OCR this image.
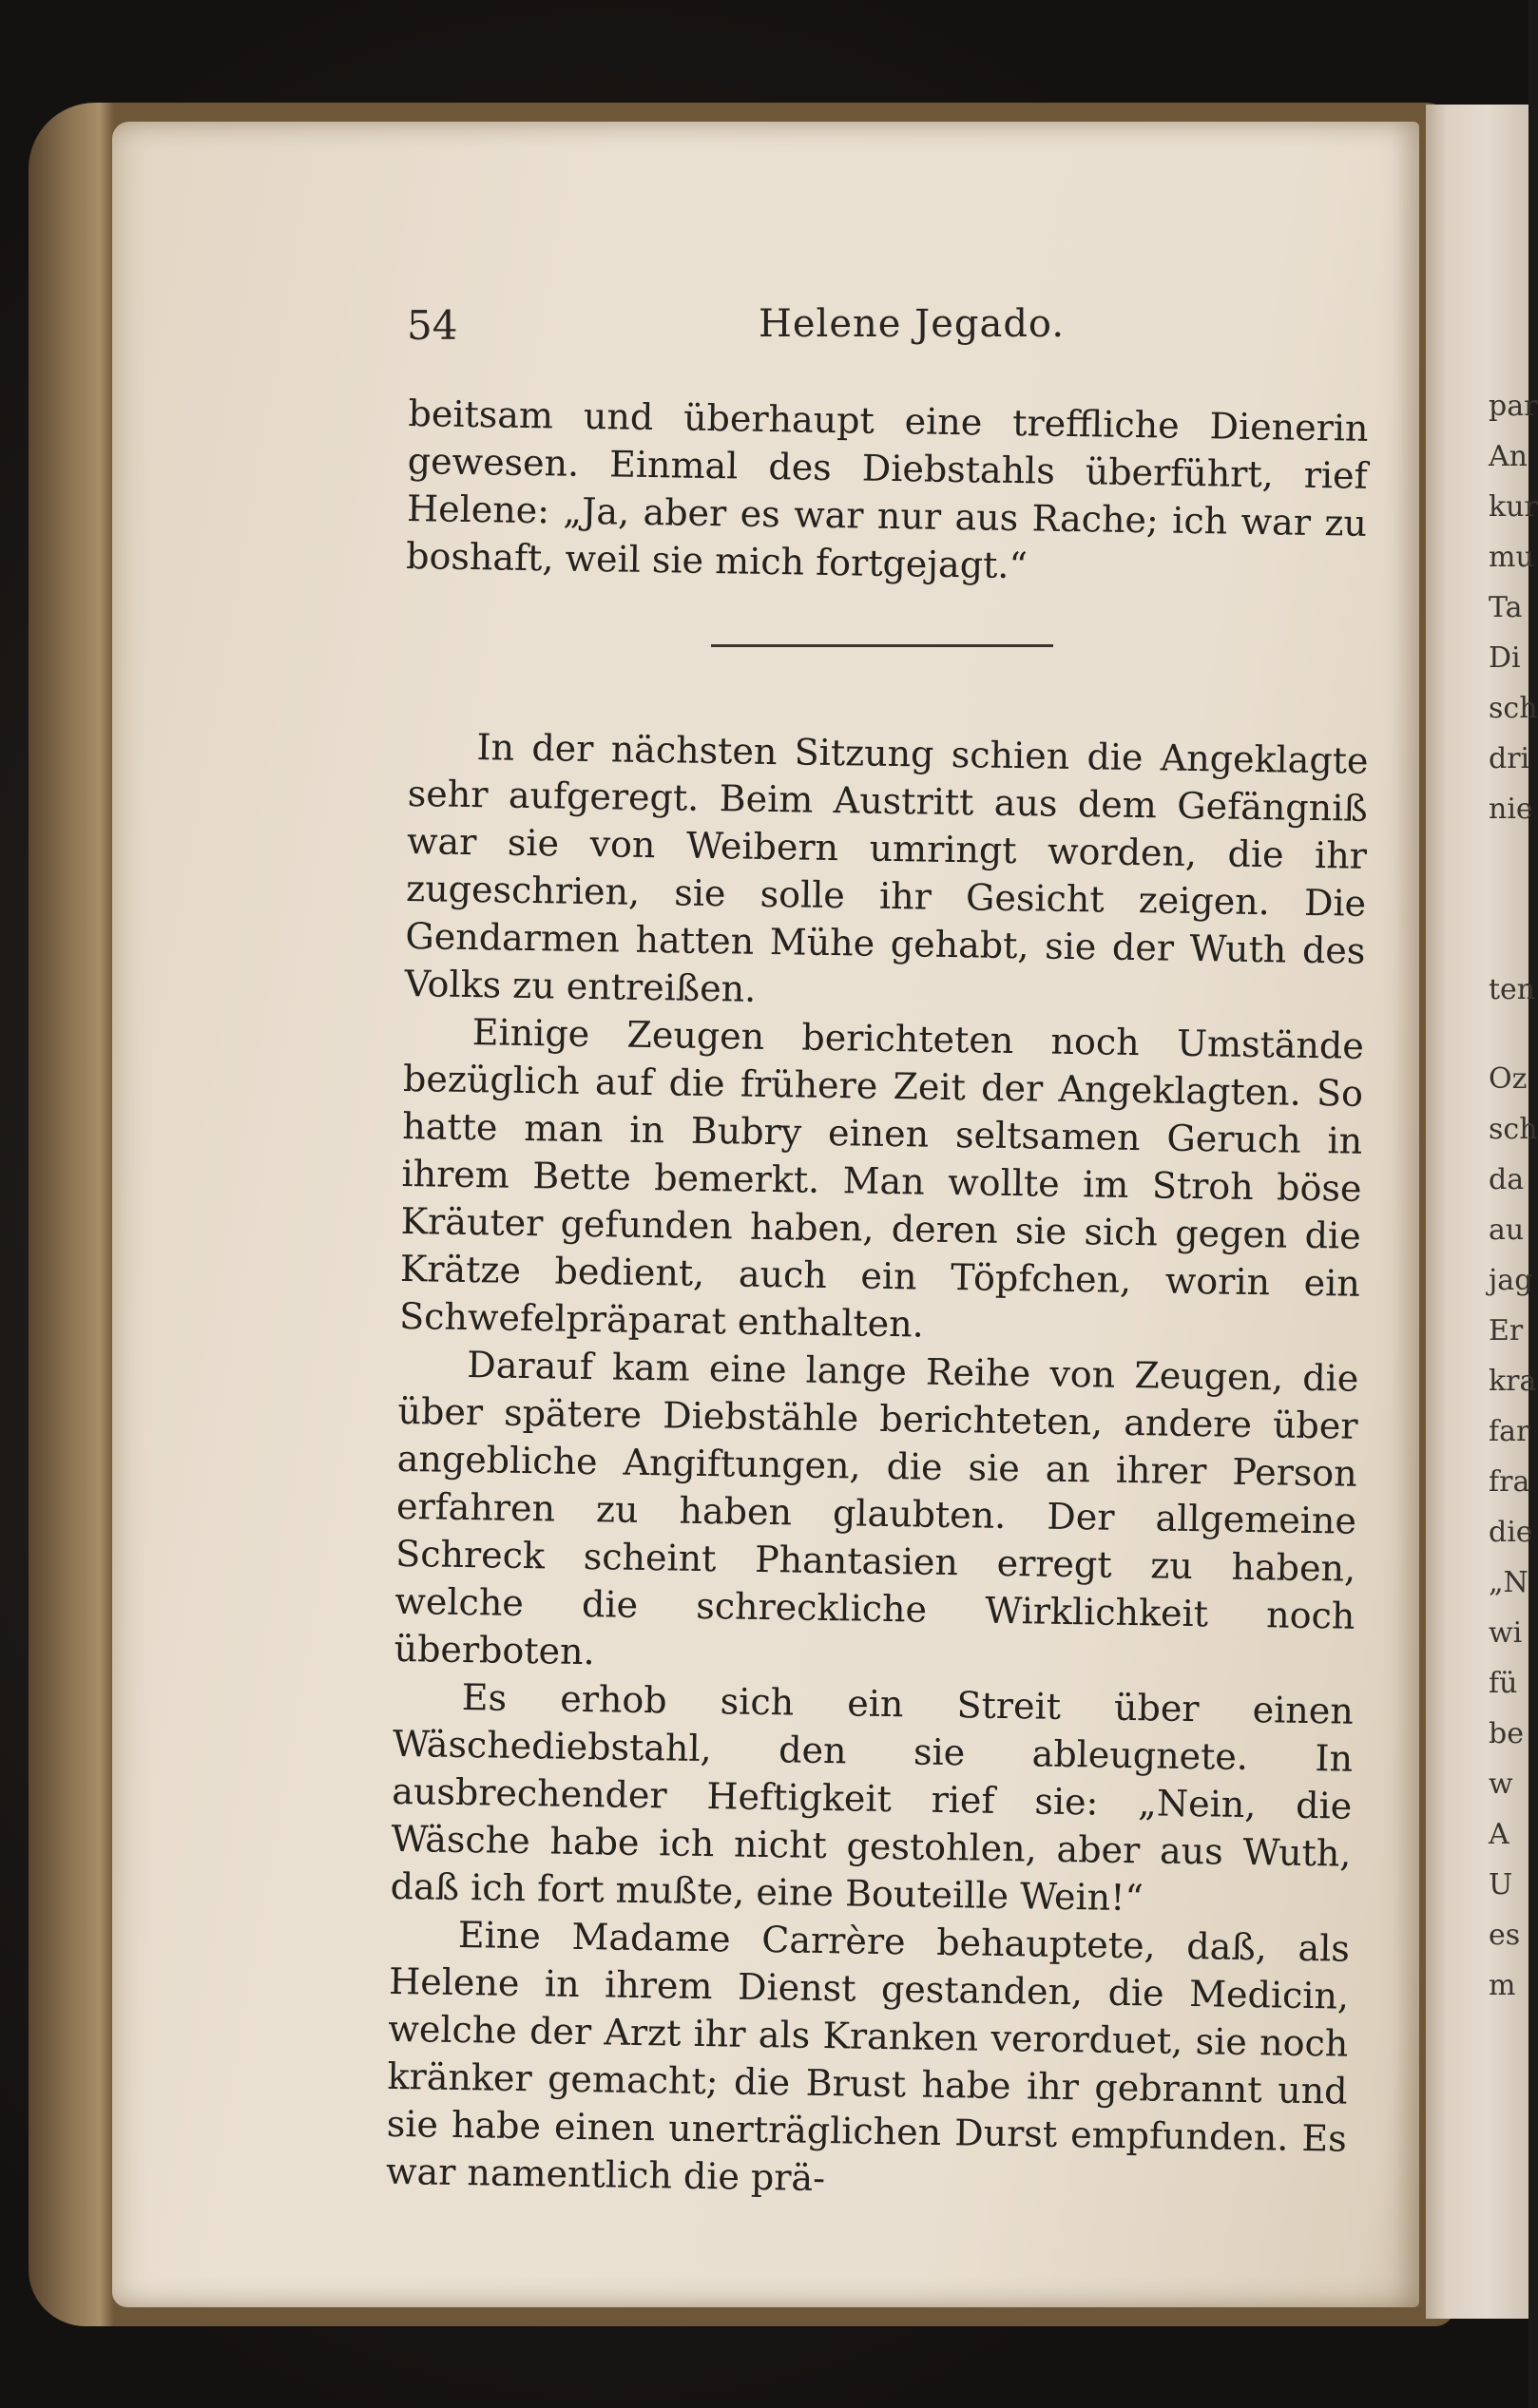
par
An
kur
mu
Ta
Di
sch
dri
nie
ten
Oz
sch
da
au
jag
Er
kra
far
fra
die
„N
wi
fü
be
w
A
U
es
m
54	Helene Jegado.

beitsam und überhaupt eine treffliche Dienerin gewesen. Einmal des Diebstahls überführt, rief Helene: „Ja, aber es war nur aus Rache; ich war zu boshaft, weil sie mich fortgejagt.“

In der nächsten Sitzung schien die Angeklagte sehr aufgeregt. Beim Austritt aus dem Gefängniß war sie von Weibern umringt worden, die ihr zugeschrien, sie solle ihr Gesicht zeigen. Die Gendarmen hatten Mühe gehabt, sie der Wuth des Volks zu entreißen.

Einige Zeugen berichteten noch Umstände bezüglich auf die frühere Zeit der Angeklagten. So hatte man in Bubry einen seltsamen Geruch in ihrem Bette bemerkt. Man wollte im Stroh böse Kräuter gefunden haben, deren sie sich gegen die Krätze bedient, auch ein Töpfchen, worin ein Schwefelpräparat enthalten.

Darauf kam eine lange Reihe von Zeugen, die über spätere Diebstähle berichteten, andere über angebliche Angiftungen, die sie an ihrer Person erfahren zu haben glaubten. Der allgemeine Schreck scheint Phantasien erregt zu haben, welche die schreckliche Wirklichkeit noch überboten.

Es erhob sich ein Streit über einen Wäschediebstahl, den sie ableugnete. In ausbrechender Heftigkeit rief sie: „Nein, die Wäsche habe ich nicht gestohlen, aber aus Wuth, daß ich fort mußte, eine Bouteille Wein!“

Eine Madame Carrère behauptete, daß, als Helene in ihrem Dienst gestanden, die Medicin, welche der Arzt ihr als Kranken verorduet, sie noch kränker gemacht; die Brust habe ihr gebrannt und sie habe einen unerträglichen Durst empfunden. Es war namentlich die prä-
